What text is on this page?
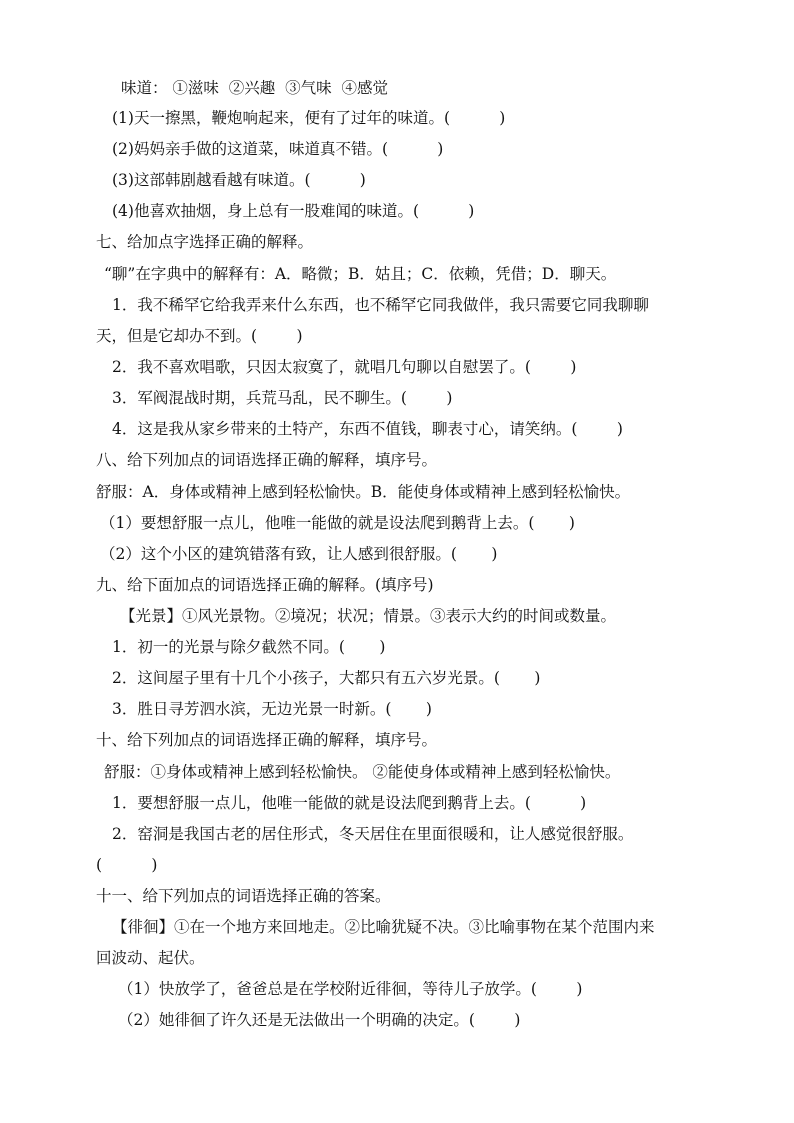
味道： ①滋味  ②兴趣  ③气味  ④感觉
(1)天一擦黑，鞭炮响起来，便有了过年的味道。(          )
(2)妈妈亲手做的这道菜，味道真不错。(          )
(3)这部韩剧越看越有味道。(          )
(4)他喜欢抽烟，身上总有一股难闻的味道。(          )
七、给加点字选择正确的解释。
“聊”在字典中的解释有：A．略微；B．姑且；C．依赖，凭借；D．聊天。
1．我不稀罕它给我弄来什么东西，也不稀罕它同我做伴，我只需要它同我聊聊
天，但是它却办不到。(        )
2．我不喜欢唱歌，只因太寂寞了，就唱几句聊以自慰罢了。(        )
3．军阀混战时期，兵荒马乱，民不聊生。(        )
4．这是我从家乡带来的土特产，东西不值钱，聊表寸心，请笑纳。(        )
八、给下列加点的词语选择正确的解释，填序号。
舒服：A．身体或精神上感到轻松愉快。B．能使身体或精神上感到轻松愉快。
（1）要想舒服一点儿，他唯一能做的就是设法爬到鹅背上去。(       )
（2）这个小区的建筑错落有致，让人感到很舒服。(       )
九、给下面加点的词语选择正确的解释。(填序号)
【光景】①风光景物。②境况；状况；情景。③表示大约的时间或数量。
1．初一的光景与除夕截然不同。(       )
2．这间屋子里有十几个小孩子，大都只有五六岁光景。(       )
3．胜日寻芳泗水滨，无边光景一时新。(       )
十、给下列加点的词语选择正确的解释，填序号。
舒服：①身体或精神上感到轻松愉快。 ②能使身体或精神上感到轻松愉快。
1．要想舒服一点儿，他唯一能做的就是设法爬到鹅背上去。(          )
2．窑洞是我国古老的居住形式，冬天居住在里面很暖和，让人感觉很舒服。
(          )
十一、给下列加点的词语选择正确的答案。
【徘徊】①在一个地方来回地走。②比喻犹疑不决。③比喻事物在某个范围内来
回波动、起伏。
（1）快放学了，爸爸总是在学校附近徘徊，等待儿子放学。(        )
（2）她徘徊了许久还是无法做出一个明确的决定。(        )
